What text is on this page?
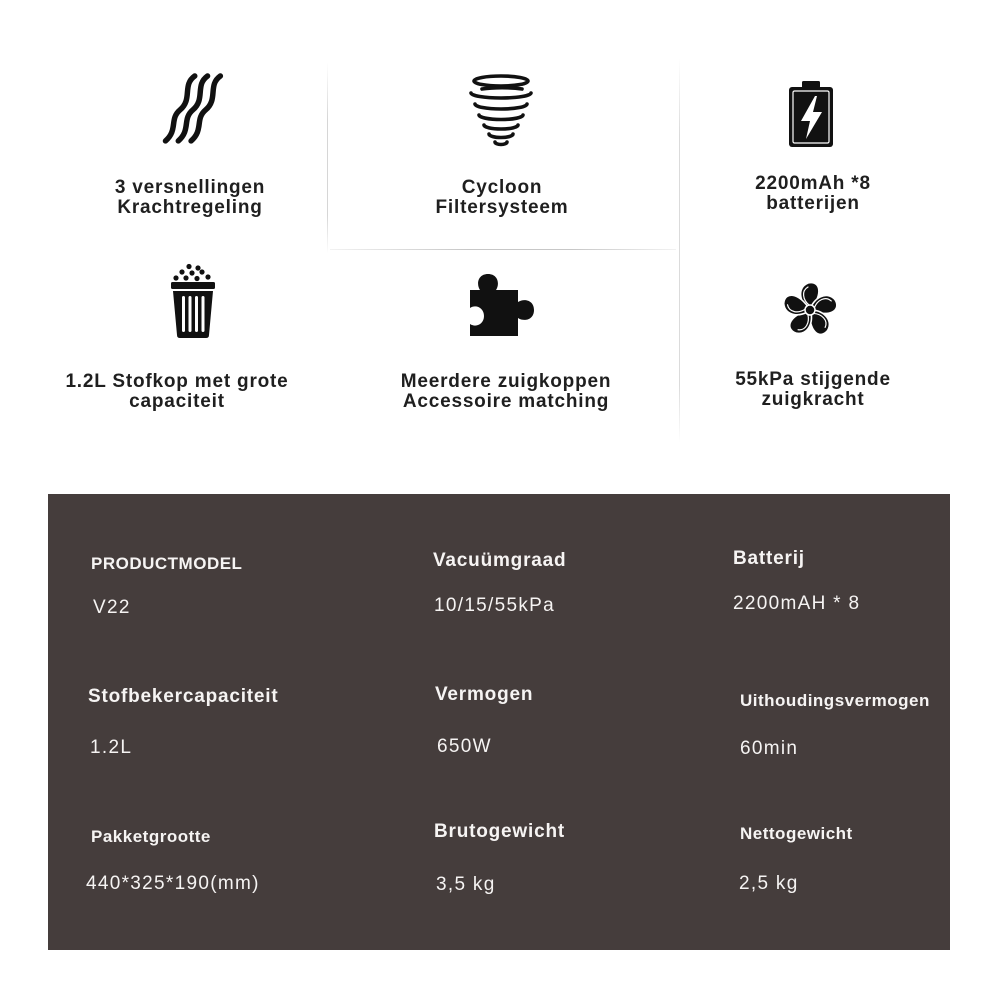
3 versnellingen
Krachtregeling
Cycloon
Filtersysteem
2200mAh *8
batterijen
1.2L Stofkop met grote
capaciteit
Meerdere zuigkoppen
Accessoire matching
55kPa stijgende
zuigkracht
PRODUCTMODEL
V22
Vacuümgraad
10/15/55kPa
Batterij
2200mAH * 8
Stofbekercapaciteit
1.2L
Vermogen
650W
Uithoudingsvermogen
60min
Pakketgrootte
440*325*190(mm)
Brutogewicht
3,5 kg
Nettogewicht
2,5 kg
